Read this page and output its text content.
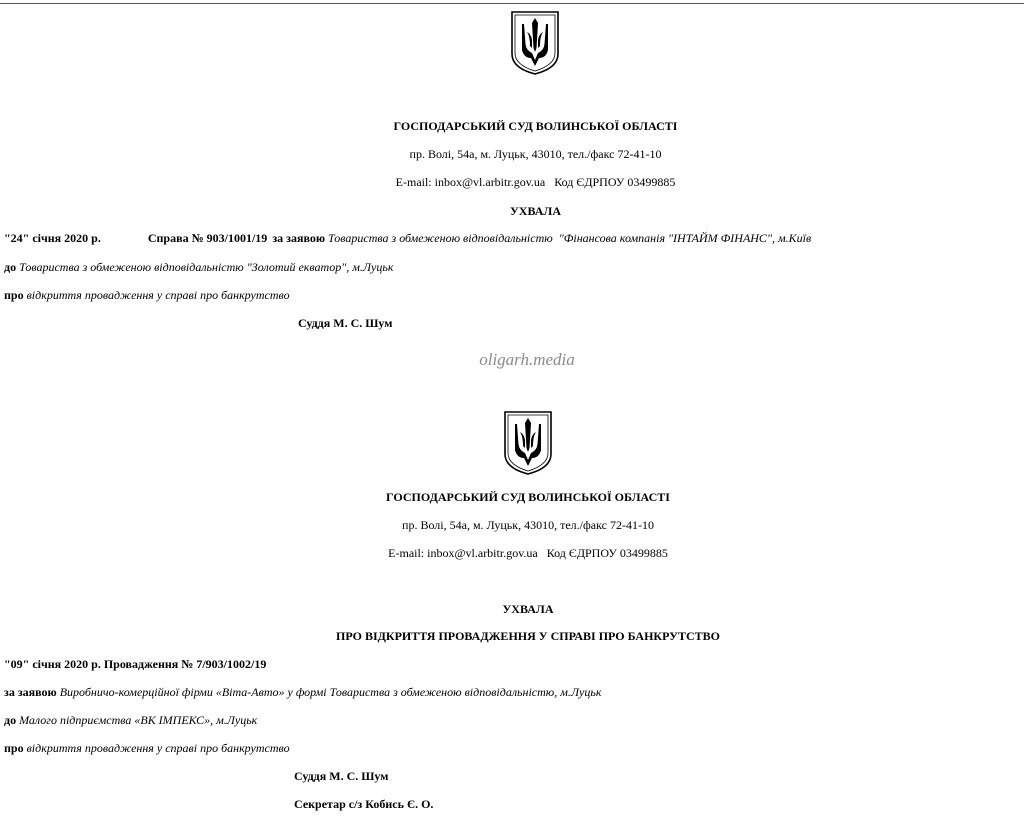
ГОСПОДАРСЬКИЙ СУД ВОЛИНСЬКОЇ ОБЛАСТІ
пр. Волі, 54а, м. Луцьк, 43010, тел./факс 72-41-10
E-mail: inbox@vl.arbitr.gov.ua   Код ЄДРПОУ 03499885
УХВАЛА
"24" січня 2020 р.	Справа № 903/1001/19 за заявою Товариства з обмеженою відповідальністю  "Фінансова компанія "ІНТАЙМ ФІНАНС", м.Київ
до Товариства з обмеженою відповідальністю "Золотий екватор", м.Луцьк
про відкриття провадження у справі про банкрутство
Суддя М. С. Шум
oligarh.media
ГОСПОДАРСЬКИЙ СУД ВОЛИНСЬКОЇ ОБЛАСТІ
пр. Волі, 54а, м. Луцьк, 43010, тел./факс 72-41-10
E-mail: inbox@vl.arbitr.gov.ua   Код ЄДРПОУ 03499885
УХВАЛА
ПРО ВІДКРИТТЯ ПРОВАДЖЕННЯ У СПРАВІ ПРО БАНКРУТСТВО
"09" січня 2020 р. Провадження № 7/903/1002/19
за заявою Виробничо-комерційної фірми «Віта-Авто» у формі Товариства з обмеженою відповідальністю, м.Луцьк
до Малого підприємства «ВК ІМПЕКС», м.Луцьк
про відкриття провадження у справі про банкрутство
Суддя М. С. Шум
Секретар с/з Кобись Є. О.
